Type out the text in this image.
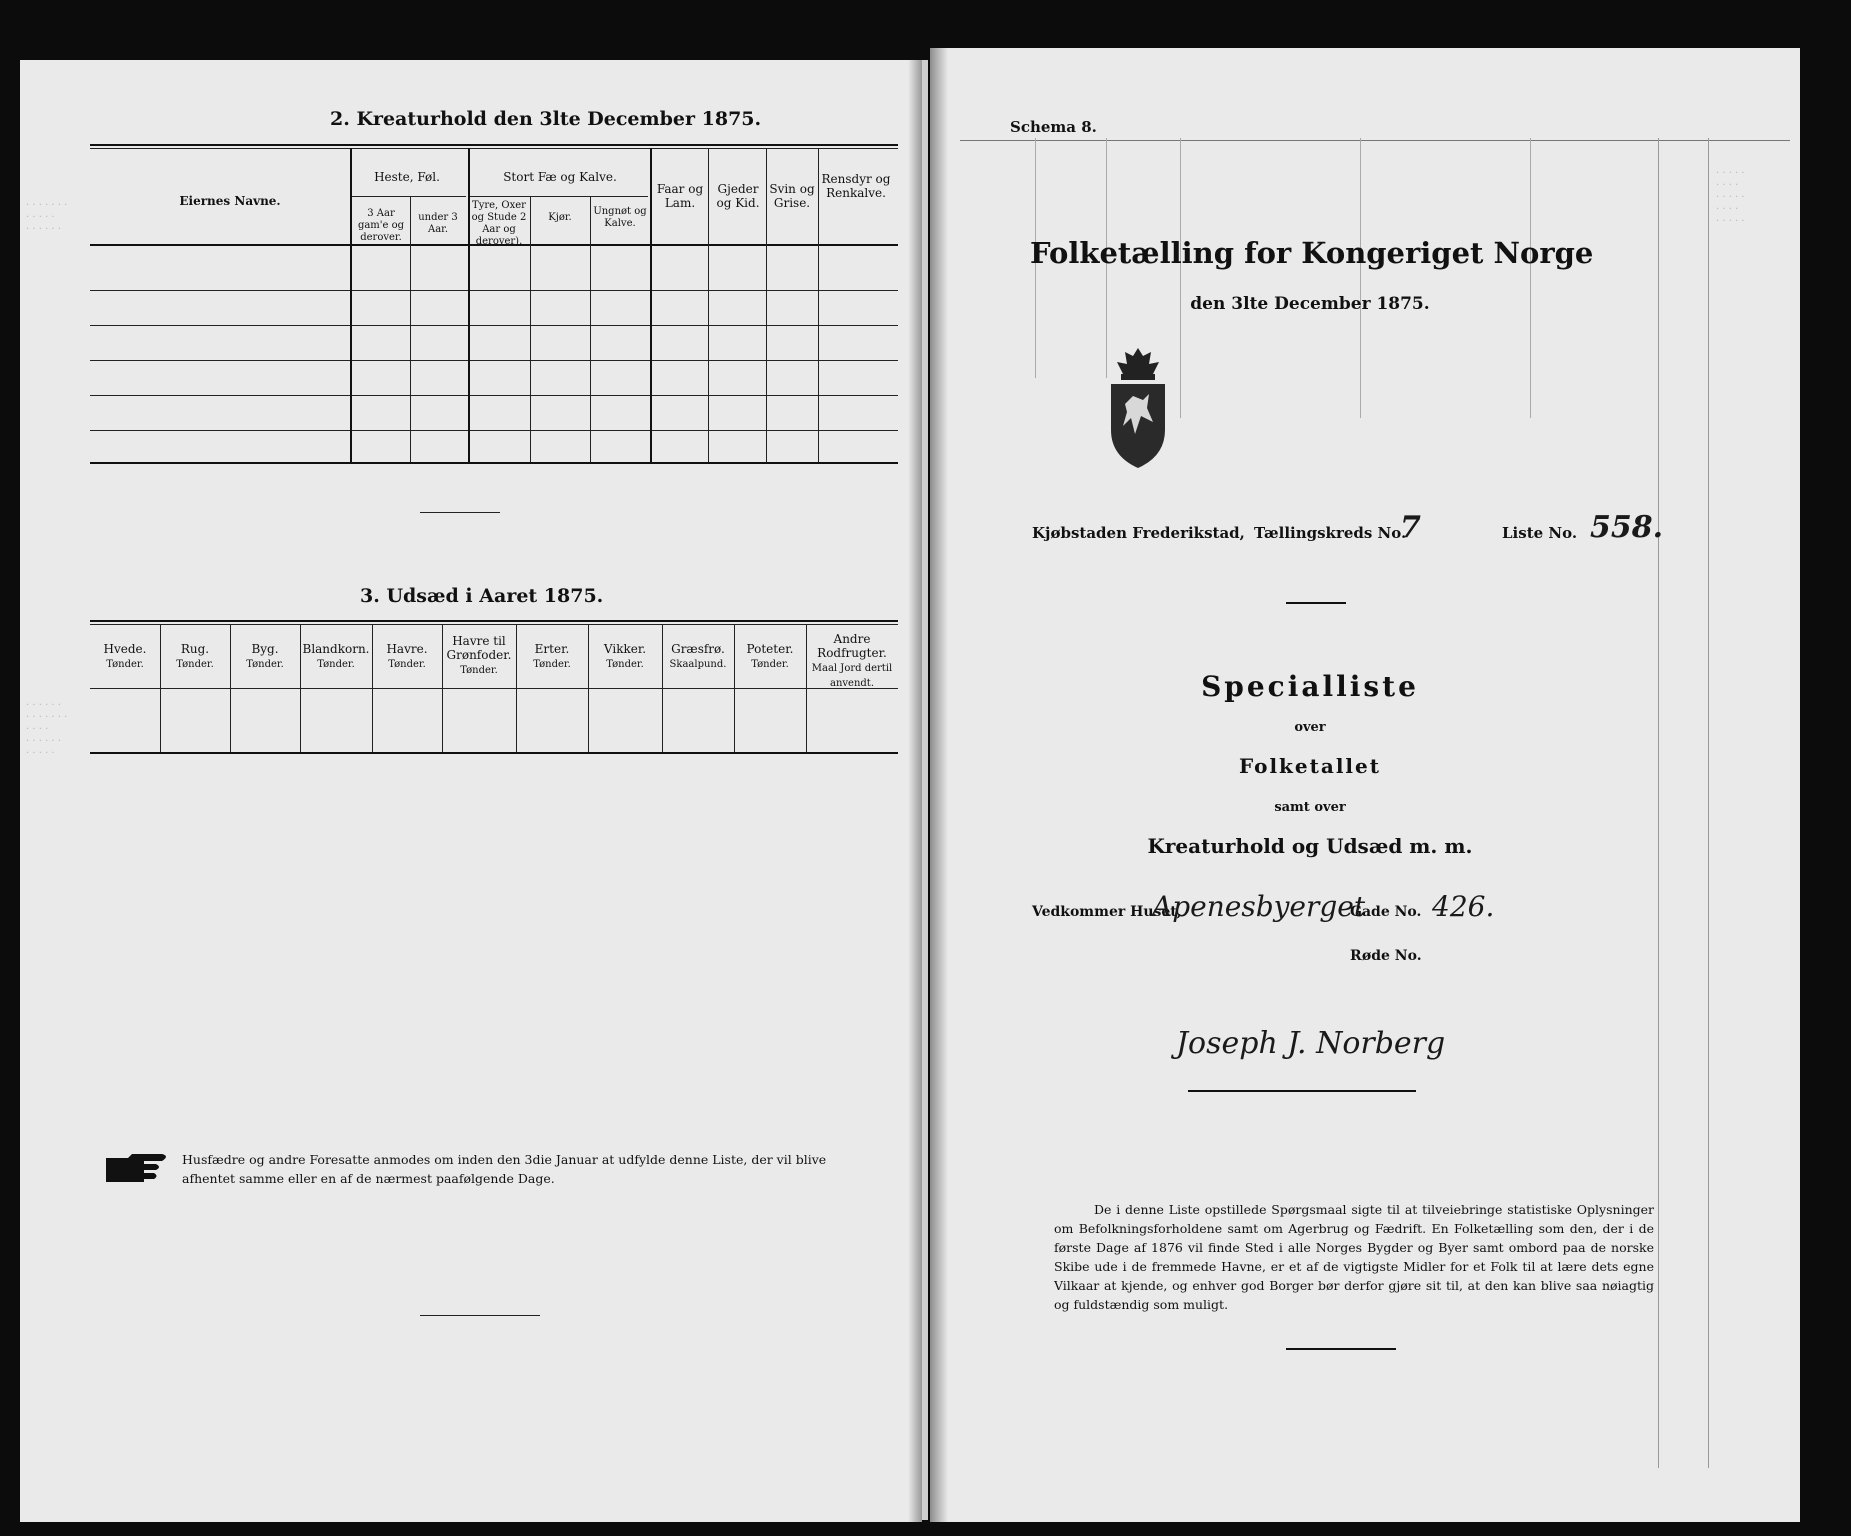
· · · · · · ·
· · · · ·
· · · · · ·
· · · · · ·
· · · · · · ·
· · · ·
· · · · · ·
· · · · ·
2. Kreaturhold den 3lte December 1875.
Eiernes Navne.
Heste, Føl.
3 Aar gam'e og derover.
under 3 Aar.
Stort Fæ og Kalve.
Tyre, Oxer og Stude 2 Aar og derover).
Kjør.
Ungnøt og Kalve.
Faar og Lam.
Gjeder og Kid.
Svin og Grise.
Rensdyr og Renkalve.
3. Udsæd i Aaret 1875.
Hvede.
Tønder.
Rug.
Tønder.
Byg.
Tønder.
Blandkorn.
Tønder.
Havre.
Tønder.
Havre til Grønfoder.
Tønder.
Erter.
Tønder.
Vikker.
Tønder.
Græsfrø.
Skaalpund.
Poteter.
Tønder.
Andre Rodfrugter.
Maal Jord dertil anvendt.
Husfædre og andre Foresatte anmodes om inden den 3die Januar at udfylde denne Liste, der vil blive
afhentet samme eller en af de nærmest paafølgende Dage.
· · · · ·
· · · ·
· · · · ·
· · · ·
· · · · ·
Schema 8.
Folketælling for Kongeriget Norge
den 3lte December 1875.
Kjøbstaden Frederikstad, Tællingskreds No.
7	Liste No. 558.
Specialliste
over
Folketallet
samt over
Kreaturhold og Udsæd m. m.
Vedkommer Huset,
Apenesbyerget
Gade No. 426.
Røde No.
Joseph J. Norberg
De i denne Liste opstillede Spørgsmaal sigte til at tilveiebringe statistiske Oplysninger om Befolkningsforholdene samt om Agerbrug og Fædrift. En Folketælling som den, der i de første Dage af 1876 vil finde Sted i alle Norges Bygder og Byer samt ombord paa de norske Skibe ude i de fremmede Havne, er et af de vigtigste Midler for et Folk til at lære dets egne Vilkaar at kjende, og enhver god Borger bør derfor gjøre sit til, at den kan blive saa nøiagtig og fuldstændig som muligt.
